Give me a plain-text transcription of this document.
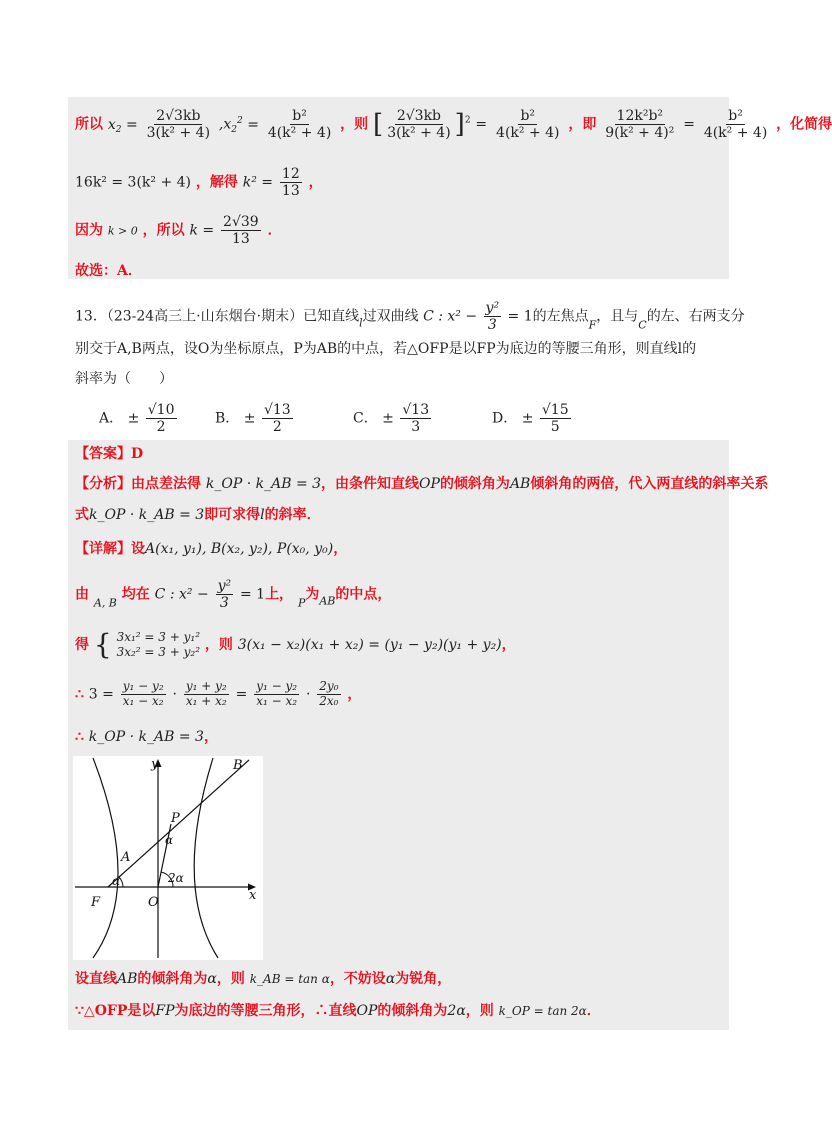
所以 $x_2 = \frac{2√3kb}{\text{3(k² + 4)}} ,x_2^2 = \frac{\text{b²}}{\text{4(k² + 4)}}$ ，则 [ $\frac{2√3kb}{\text{3(k² + 4)}} ]^2 = \frac{\text{b²}}{\text{4(k² + 4)}}$ ，即 $\frac{\text{12k²b²}}{\text{9(k² + 4)²}} = \frac{\text{b²}}{\text{4(k² + 4)}}$ ，化简得
16k² = 3(k² + 4) ，解得 $k^2 = \frac{12}{13}$ ，
因为 k > 0 ，所以 $k = \frac{2√39}{13}$ ．
故选：A．
13．（23-24高三上·山东烟台·期末）已知直线$_l$过双曲线 C : $x^2 - \frac{\text{y²}}{3} = 1$的左焦点$_F$，且与$_C$的左、右两支分
别交于A,B两点，设O为坐标原点，P为AB的中点，若△OFP是以FP为底边的等腰三角形，则直线l的
斜率为（　　）
A． ± $\frac{√10}{2}$	B． ± $\frac{√13}{2}$	C． ± $\frac{√13}{3}$	D． ± $\frac{√15}{5}$
【答案】D
【分析】由点差法得 k_OP · k_AB = 3，由条件知直线OP的倾斜角为AB倾斜角的两倍，代入两直线的斜率关系
式k_OP · k_AB = 3即可求得l的斜率．
【详解】设A(x₁, y₁), B(x₂, y₂), P(x₀, y₀)，
由 $_{A, B}$ 均在 C : $x^2 - \frac{\text{y²}}{3} = 1$上， $_P$为$_{AB}$的中点，
得 { 3x₁² = 3 + y₁²
3x₂² = 3 + y₂² ，则 3(x₁ − x₂)(x₁ + x₂) = (y₁ − y₂)(y₁ + y₂)，
∴ $3 = \frac{\text{y₁ − y₂}}{\text{x₁ − x₂}} \cdot \frac{\text{y₁ + y₂}}{\text{x₁ + x₂}} = \frac{\text{y₁ − y₂}}{\text{x₁ − x₂}} \cdot \frac{\text{2y₀}}{\text{2x₀}}$ ，
∴ k_OP · k_AB = 3，
y
x
B
P
A
F	O
α
α
2α
设直线AB的倾斜角为α，则 k_AB = tan α，不妨设α为锐角，
∵△OFP是以FP为底边的等腰三角形，∴直线OP的倾斜角为2α，则 k_OP = tan 2α．
